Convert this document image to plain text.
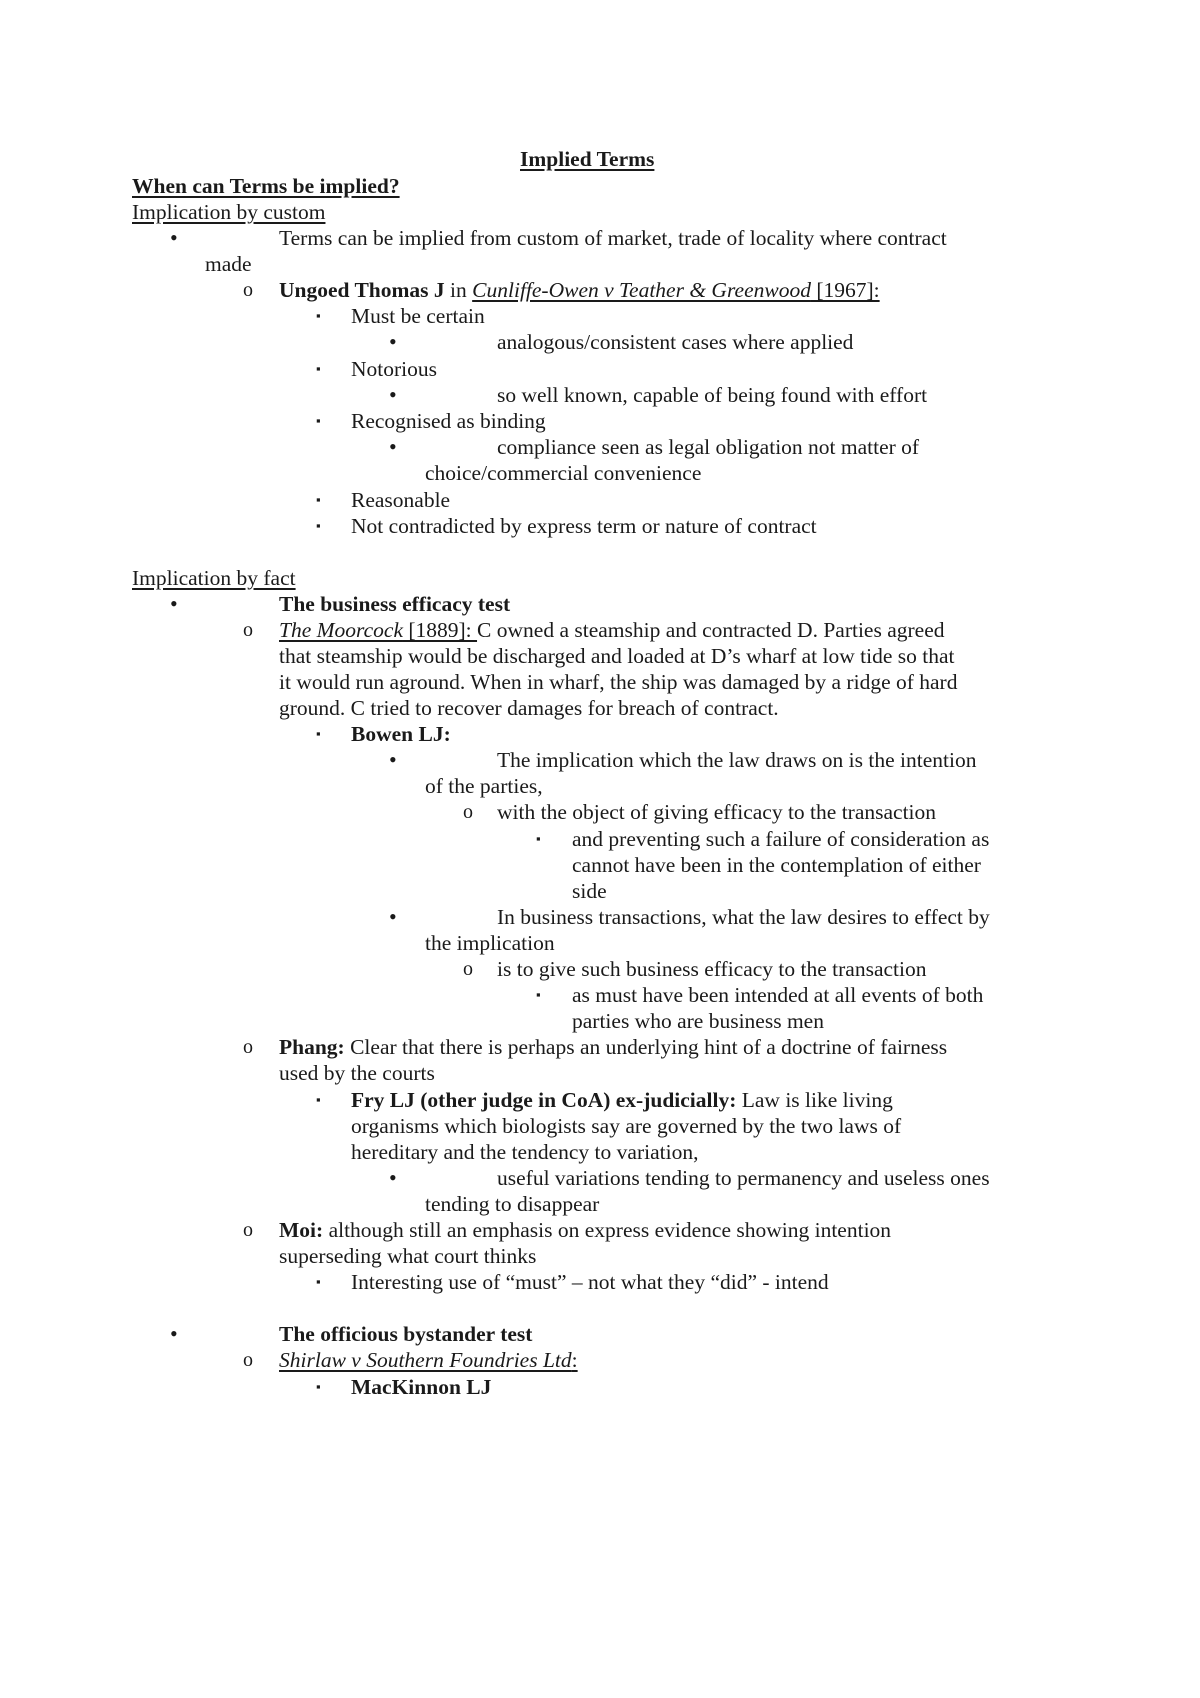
Implied Terms
When can Terms be implied?
Implication by custom
•	Terms can be implied from custom of market, trade of locality where contract
made
o Ungoed Thomas J in Cunliffe-Owen v Teather & Greenwood [1967]:
▪ Must be certain
•	analogous/consistent cases where applied
▪ Notorious
•	so well known, capable of being found with effort
▪ Recognised as binding
•	compliance seen as legal obligation not matter of
choice/commercial convenience
▪ Reasonable
▪ Not contradicted by express term or nature of contract
Implication by fact
•	The business efficacy test
o The Moorcock [1889]: C owned a steamship and contracted D. Parties agreed
that steamship would be discharged and loaded at D’s wharf at low tide so that
it would run aground. When in wharf, the ship was damaged by a ridge of hard
ground. C tried to recover damages for breach of contract.
▪ Bowen LJ:
•	The implication which the law draws on is the intention
of the parties,
o with the object of giving efficacy to the transaction
▪ and preventing such a failure of consideration as
cannot have been in the contemplation of either
side
•	In business transactions, what the law desires to effect by
the implication
o is to give such business efficacy to the transaction
▪ as must have been intended at all events of both
parties who are business men
o Phang: Clear that there is perhaps an underlying hint of a doctrine of fairness
used by the courts
▪ Fry LJ (other judge in CoA) ex-judicially: Law is like living
organisms which biologists say are governed by the two laws of
hereditary and the tendency to variation,
•	useful variations tending to permanency and useless ones
tending to disappear
o Moi: although still an emphasis on express evidence showing intention
superseding what court thinks
▪ Interesting use of “must” – not what they “did” - intend
•	The officious bystander test
o Shirlaw v Southern Foundries Ltd:
▪ MacKinnon LJ
